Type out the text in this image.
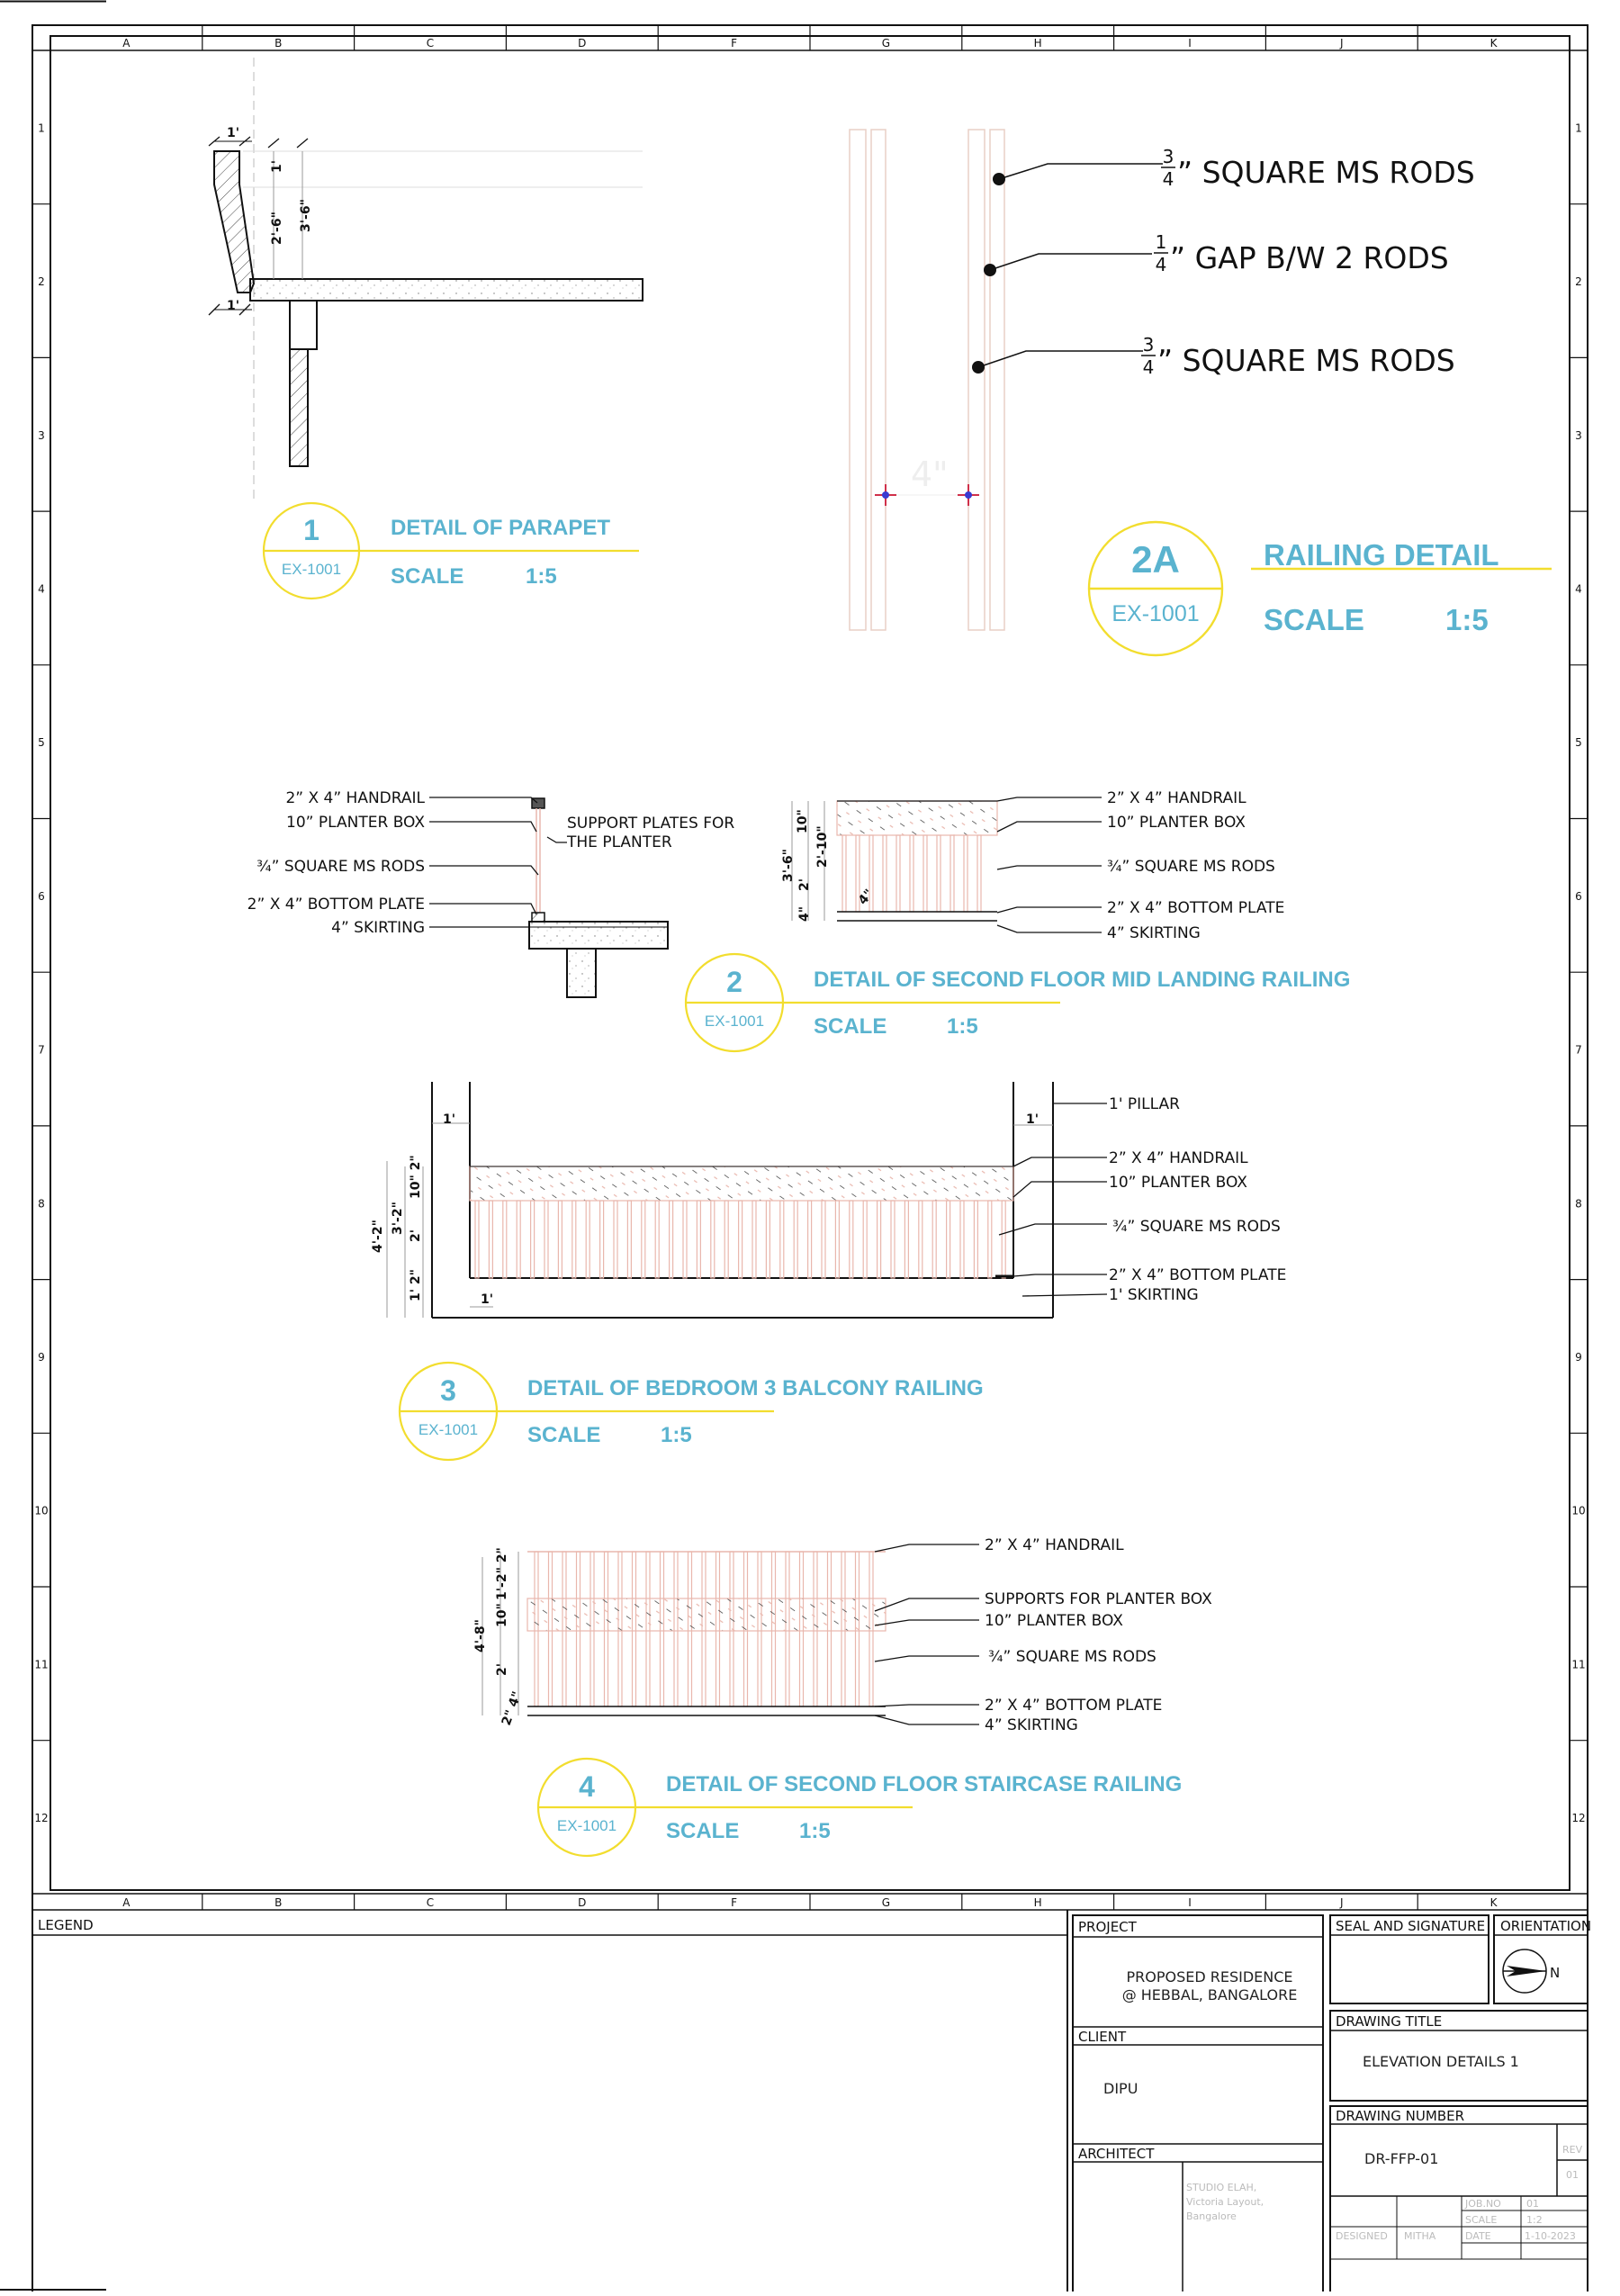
A
A
B
B
C
C
D
D
F
F
G
G
H
H
I
I
J
J
K
K
1	1
2	2
3	3
4	4
5	5
6	6
7	7
8	8
9	9
10	10
11	11
12	12
1'
1'
2'-6" 3'-6"
1'
1
EX-1001
DETAIL OF PARAPET
SCALE	1:5
4"
3
4 ” SQUARE MS RODS
1
4 ” GAP B/W 2 RODS
3
4 ” SQUARE MS RODS
2A
EX-1001
RAILING DETAIL
SCALE	1:5
2” X 4” HANDRAIL
10” PLANTER BOX
¾” SQUARE MS RODS
2” X 4” BOTTOM PLATE
4” SKIRTING
SUPPORT PLATES FOR
THE PLANTER
10"
3'-6" 2'-10"
2'
4"
4"
2” X 4” HANDRAIL
10” PLANTER BOX
¾” SQUARE MS RODS
2” X 4” BOTTOM PLATE
4” SKIRTING
2
EX-1001
DETAIL OF SECOND FLOOR MID LANDING RAILING
SCALE	1:5
1'	1'
10" 2"
3'-2"
4'-2" 2'
1' 2"	1'
1' PILLAR
2” X 4” HANDRAIL
10” PLANTER BOX
¾” SQUARE MS RODS
2” X 4” BOTTOM PLATE
1' SKIRTING
3
EX-1001
DETAIL OF BEDROOM 3 BALCONY RAILING
SCALE	1:5
1'-2" 2"
10"
4'-8"
2'
2" 4"
2” X 4” HANDRAIL
SUPPORTS FOR PLANTER BOX
10” PLANTER BOX
¾” SQUARE MS RODS
2” X 4” BOTTOM PLATE
4” SKIRTING
4
EX-1001
DETAIL OF SECOND FLOOR STAIRCASE RAILING
SCALE	1:5
LEGEND	PROJECT
PROPOSED RESIDENCE
@ HEBBAL, BANGALORE
CLIENT
DIPU
ARCHITECT
STUDIO ELAH,
Victoria Layout,
Bangalore
SEAL AND SIGNATURE ORIENTATION
N
DRAWING TITLE
ELEVATION DETAILS 1
DRAWING NUMBER
DR-FFP-01
REV
01
JOB.NO	01
SCALE	1:2
DATE	1-10-2023
DESIGNED MITHA
